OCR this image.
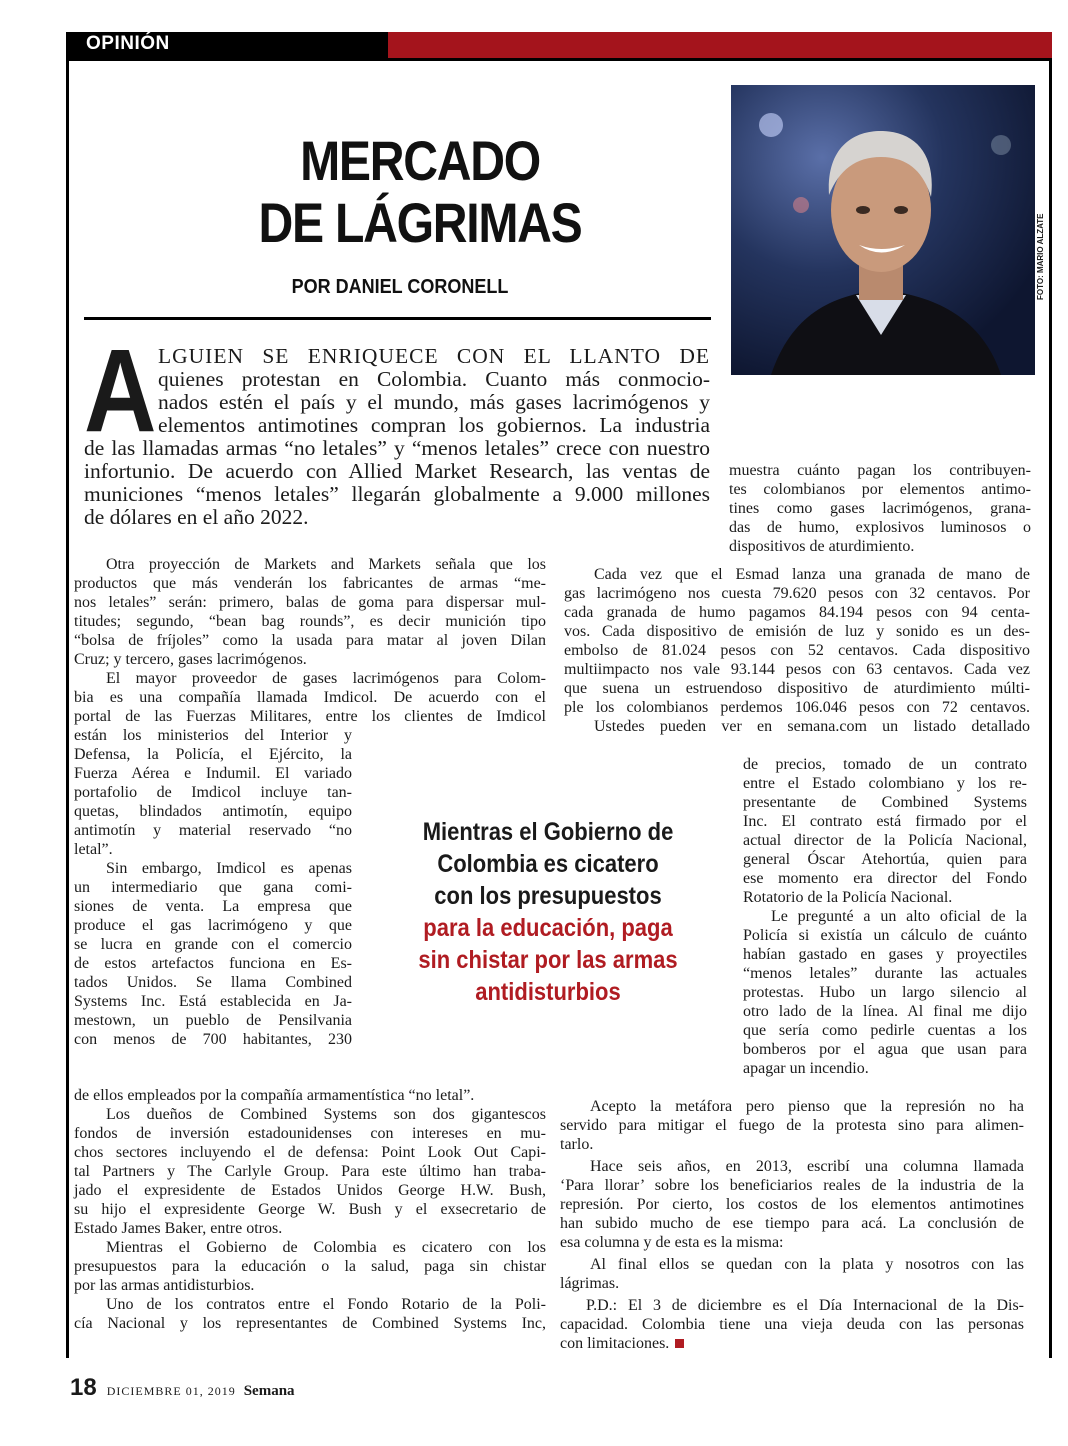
OPINIÓN
MERCADO
DE LÁGRIMAS
POR DANIEL CORONELL	FOTO: MARIO ALZATE
A LGUIEN SE ENRIQUECE CON EL LLANTO DE
quienes protestan en Colombia. Cuanto más conmocio-
nados estén el país y el mundo, más gases lacrimógenos y
elementos antimotines compran los gobiernos. La industria
de las llamadas armas “no letales” y “menos letales” crece con nuestro
infortunio. De acuerdo con Allied Market Research, las ventas de
municiones “menos letales” llegarán globalmente a 9.000 millones
de dólares en el año 2022.
Otra proyección de Markets and Markets señala que los
productos que más venderán los fabricantes de armas “me-
nos letales” serán: primero, balas de goma para dispersar mul-
titudes; segundo, “bean bag rounds”, es decir munición tipo
“bolsa de fríjoles” como la usada para matar al joven Dilan
Cruz; y tercero, gases lacrimógenos.
El mayor proveedor de gases lacrimógenos para Colom-
bia es una compañía llamada Imdicol. De acuerdo con el
portal de las Fuerzas Militares, entre los clientes de Imdicol
están los ministerios del Interior y
Defensa, la Policía, el Ejército, la
Fuerza Aérea e Indumil. El variado
portafolio de Imdicol incluye tan-
quetas, blindados antimotín, equipo
antimotín y material reservado “no
letal”.
Sin embargo, Imdicol es apenas
un intermediario que gana comi-
siones de venta. La empresa que
produce el gas lacrimógeno y que
se lucra en grande con el comercio
de estos artefactos funciona en Es-
tados Unidos. Se llama Combined
Systems Inc. Está establecida en Ja-
mestown, un pueblo de Pensilvania
con menos de 700 habitantes, 230
de ellos empleados por la compañía armamentística “no letal”.
Los dueños de Combined Systems son dos gigantescos
fondos de inversión estadounidenses con intereses en mu-
chos sectores incluyendo el de defensa: Point Look Out Capi-
tal Partners y The Carlyle Group. Para este último han traba-
jado el expresidente de Estados Unidos George H.W. Bush,
su hijo el expresidente George W. Bush y el exsecretario de
Estado James Baker, entre otros.
Mientras el Gobierno de Colombia es cicatero con los
presupuestos para la educación o la salud, paga sin chistar
por las armas antidisturbios.
Uno de los contratos entre el Fondo Rotario de la Poli-
cía Nacional y los representantes de Combined Systems Inc,
muestra cuánto pagan los contribuyen-
tes colombianos por elementos antimo-
tines como gases lacrimógenos, grana-
das de humo, explosivos luminosos o
dispositivos de aturdimiento.
Cada vez que el Esmad lanza una granada de mano de
gas lacrimógeno nos cuesta 79.620 pesos con 32 centavos. Por
cada granada de humo pagamos 84.194 pesos con 94 centa-
vos. Cada dispositivo de emisión de luz y sonido es un des-
embolso de 81.024 pesos con 52 centavos. Cada dispositivo
multiimpacto nos vale 93.144 pesos con 63 centavos. Cada vez
que suena un estruendoso dispositivo de aturdimiento múlti-
ple los colombianos perdemos 106.046 pesos con 72 centavos.
Ustedes pueden ver en semana.com un listado detallado
de precios, tomado de un contrato
entre el Estado colombiano y los re-
presentante de Combined Systems
Inc. El contrato está firmado por el
actual director de la Policía Nacional,
general Óscar Atehortúa, quien para
ese momento era director del Fondo
Rotatorio de la Policía Nacional.
Le pregunté a un alto oficial de la
Policía si existía un cálculo de cuánto
habían gastado en gases y proyectiles
“menos letales” durante las actuales
protestas. Hubo un largo silencio al
otro lado de la línea. Al final me dijo
que sería como pedirle cuentas a los
bomberos por el agua que usan para
apagar un incendio.
Acepto la metáfora pero pienso que la represión no ha
servido para mitigar el fuego de la protesta sino para alimen-
tarlo.
Hace seis años, en 2013, escribí una columna llamada
‘Para llorar’ sobre los beneficiarios reales de la industria de la
represión. Por cierto, los costos de los elementos antimotines
han subido mucho de ese tiempo para acá. La conclusión de
esa columna y de esta es la misma:
Al final ellos se quedan con la plata y nosotros con las
lágrimas.
P.D.: El 3 de diciembre es el Día Internacional de la Dis-
capacidad. Colombia tiene una vieja deuda con las personas
con limitaciones.
Mientras el Gobierno de
Colombia es cicatero
con los presupuestos
para la educación, paga
sin chistar por las armas
antidisturbios
18 DICIEMBRE 01, 2019 Semana
